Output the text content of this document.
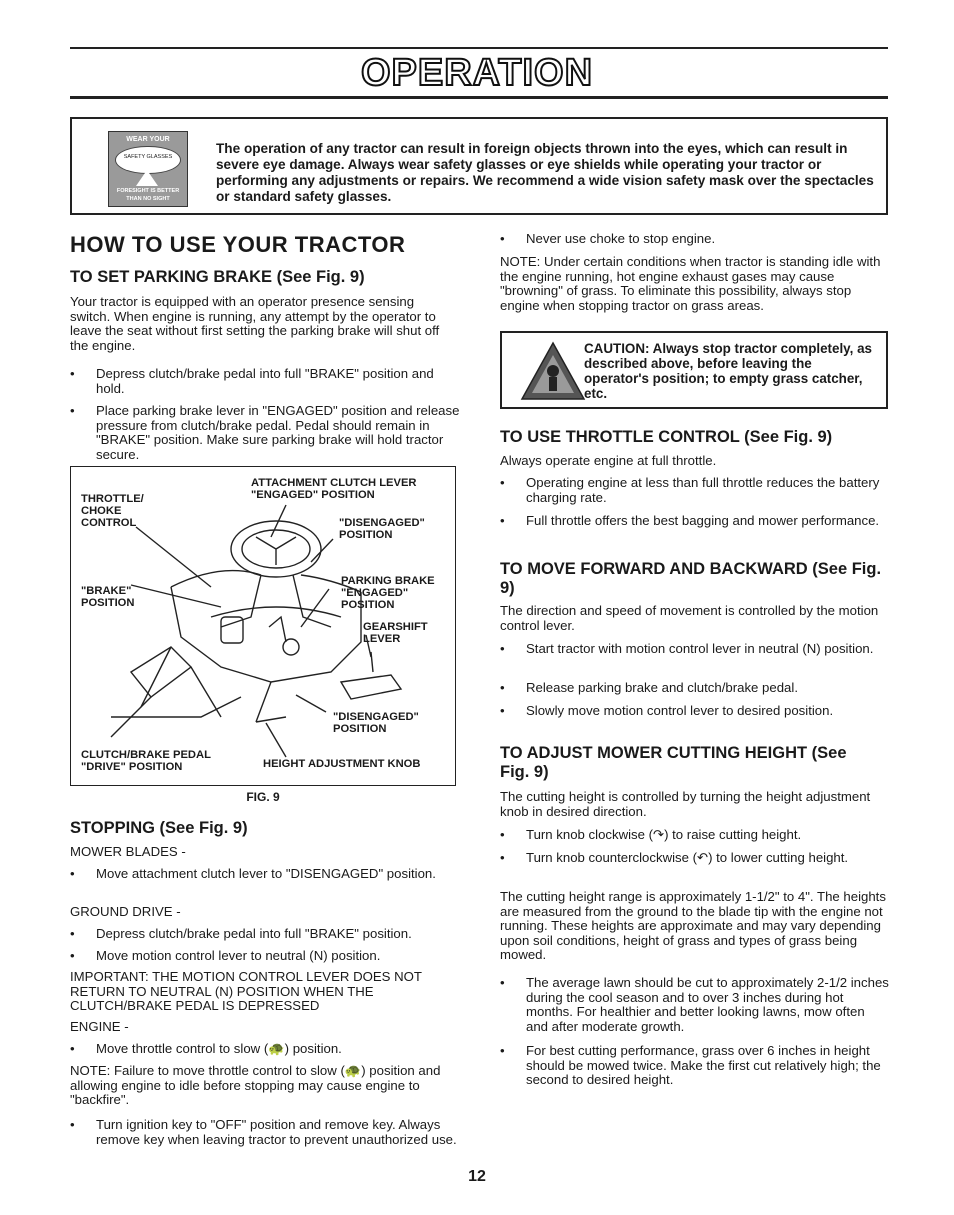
OPERATION
WEAR YOUR
SAFETY GLASSES
FORESIGHT IS BETTER
THAN NO SIGHT
The operation of any tractor can result in foreign objects thrown into the eyes, which can result in severe eye damage. Always wear safety glasses or eye shields while operating your tractor or performing any adjustments or repairs. We recommend a wide vision safety mask over the spectacles or standard safety glasses.
HOW TO USE YOUR TRACTOR
TO SET PARKING BRAKE (See Fig. 9)

Your tractor is equipped with an operator presence sensing switch. When engine is running, any attempt by the operator to leave the seat without first setting the parking brake will shut off the engine.

• Depress clutch/brake pedal into full "BRAKE" position and hold.

• Place parking brake lever in "ENGAGED" position and release pressure from clutch/brake pedal. Pedal should remain in "BRAKE" position. Make sure parking brake will hold tractor secure.

ATTACHMENT CLUTCH LEVER
"ENGAGED" POSITION
THROTTLE/
CHOKE
CONTROL	"DISENGAGED"
POSITION
"BRAKE"
POSITION
PARKING BRAKE
"ENGAGED"
POSITION
GEARSHIFT
LEVER
"DISENGAGED"
POSITION
CLUTCH/BRAKE PEDAL
"DRIVE" POSITION	HEIGHT ADJUSTMENT KNOB
FIG. 9
STOPPING (See Fig. 9)

MOWER BLADES -

• Move attachment clutch lever to "DISENGAGED" position.

GROUND DRIVE -

• Depress clutch/brake pedal into full "BRAKE" position.

• Move motion control lever to neutral (N) position.

IMPORTANT: THE MOTION CONTROL LEVER DOES NOT RETURN TO NEUTRAL (N) POSITION WHEN THE CLUTCH/BRAKE PEDAL IS DEPRESSED

ENGINE -

• Move throttle control to slow (🐢) position.

NOTE: Failure to move throttle control to slow (🐢) position and allowing engine to idle before stopping may cause engine to "backfire".

• Turn ignition key to "OFF" position and remove key. Always remove key when leaving tractor to prevent unauthorized use.

• Never use choke to stop engine.

NOTE: Under certain conditions when tractor is standing idle with the engine running, hot engine exhaust gases may cause "browning" of grass. To eliminate this possibility, always stop engine when stopping tractor on grass areas.

CAUTION: Always stop tractor completely, as described above, before leaving the operator's position; to empty grass catcher, etc.
TO USE THROTTLE CONTROL (See Fig. 9)

Always operate engine at full throttle.

• Operating engine at less than full throttle reduces the battery charging rate.

• Full throttle offers the best bagging and mower performance.

TO MOVE FORWARD AND BACKWARD (See Fig. 9)

The direction and speed of movement is controlled by the motion control lever.

• Start tractor with motion control lever in neutral (N) position.

• Release parking brake and clutch/brake pedal.

• Slowly move motion control lever to desired position.

TO ADJUST MOWER CUTTING HEIGHT (See Fig. 9)

The cutting height is controlled by turning the height adjustment knob in desired direction.

• Turn knob clockwise (↷) to raise cutting height.

• Turn knob counterclockwise (↶) to lower cutting height.

The cutting height range is approximately 1-1/2" to 4". The heights are measured from the ground to the blade tip with the engine not running. These heights are approximate and may vary depending upon soil conditions, height of grass and types of grass being mowed.

• The average lawn should be cut to approximately 2-1/2 inches during the cool season and to over 3 inches during hot months. For healthier and better looking lawns, mow often and after moderate growth.

• For best cutting performance, grass over 6 inches in height should be mowed twice. Make the first cut relatively high; the second to desired height.

12
